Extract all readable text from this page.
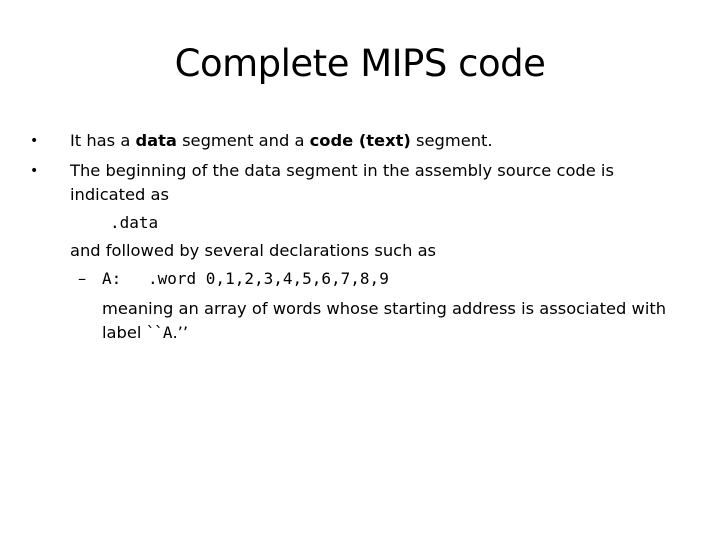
Complete MIPS code
• It has a data segment and a code (text) segment.
• The beginning of the data segment in the assembly source code is
indicated as
.data
and followed by several declarations such as
– A: .word 0,1,2,3,4,5,6,7,8,9
meaning an array of words whose starting address is associated with
label ``A.’’
